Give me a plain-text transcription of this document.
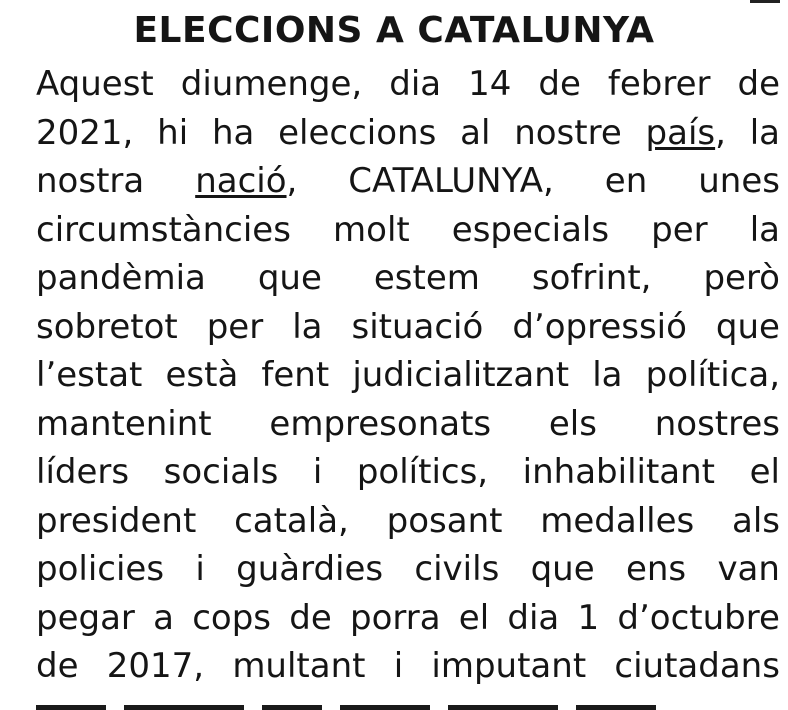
ELECCIONS A CATALUNYA
Aquest diumenge, dia 14 de febrer de
2021, hi ha eleccions al nostre país, la
nostra nació, CATALUNYA, en unes
circumstàncies molt especials per la
pandèmia que estem sofrint, però
sobretot per la situació d’opressió que
l’estat està fent judicialitzant la política,
mantenint empresonats els nostres
líders socials i polítics, inhabilitant el
president català, posant medalles als
policies i guàrdies civils que ens van
pegar a cops de porra el dia 1 d’octubre
de 2017, multant i imputant ciutadans
